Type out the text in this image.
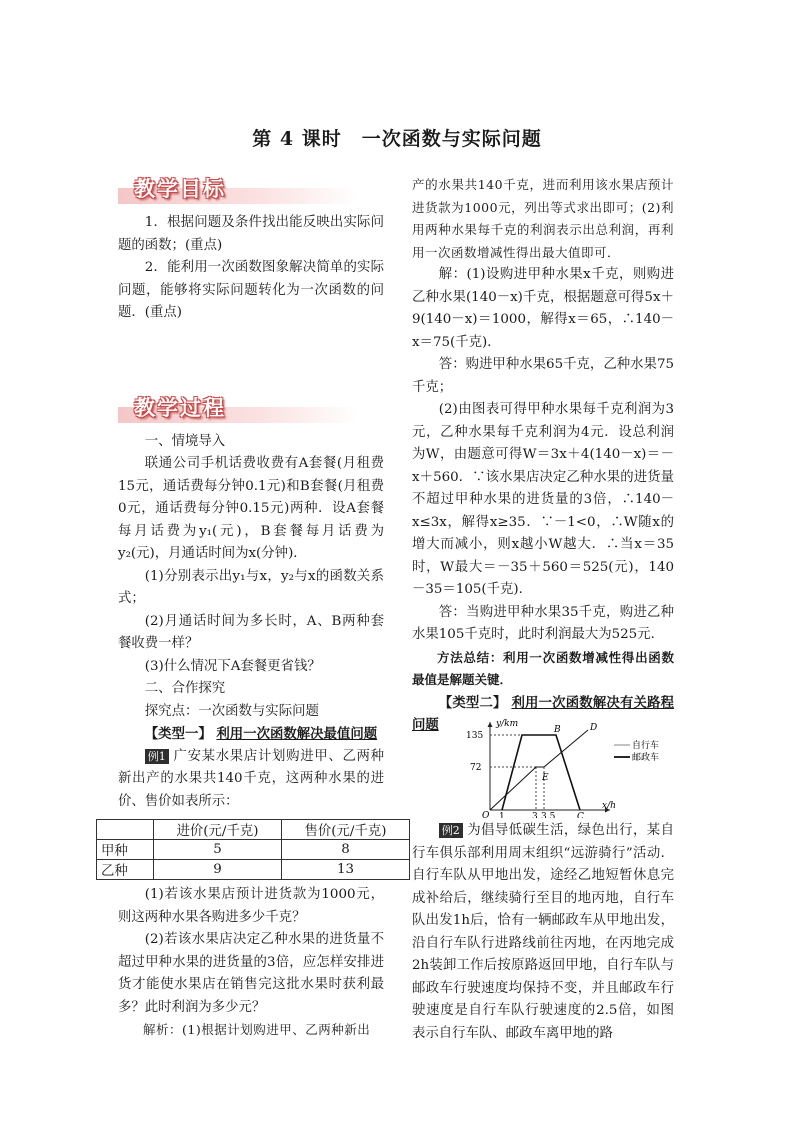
第 4 课时　一次函数与实际问题
教学目标

1．根据问题及条件找出能反映出实际问题的函数；(重点)

2．能利用一次函数图象解决简单的实际问题，能够将实际问题转化为一次函数的问题．(重点)

教学过程

一、情境导入

联通公司手机话费收费有A套餐(月租费15元，通话费每分钟0.1元)和B套餐(月租费0元，通话费每分钟0.15元)两种．设A套餐每月话费为y₁(元)，B套餐每月话费为y₂(元)，月通话时间为x(分钟)．

(1)分别表示出y₁与x，y₂与x的函数关系式；

(2)月通话时间为多长时，A、B两种套餐收费一样？

(3)什么情况下A套餐更省钱？

二、合作探究

探究点：一次函数与实际问题

【类型一】 利用一次函数解决最值问题

例1 广安某水果店计划购进甲、乙两种新出产的水果共140千克，这两种水果的进价、售价如表所示：

	进价(元/千克)	售价(元/千克)
甲种	5	8
乙种	9	13

(1)若该水果店预计进货款为1000元，则这两种水果各购进多少千克？

(2)若该水果店决定乙种水果的进货量不超过甲种水果的进货量的3倍，应怎样安排进货才能使水果店在销售完这批水果时获利最多？此时利润为多少元？

解析：(1)根据计划购进甲、乙两种新出

产的水果共140千克，进而利用该水果店预计进货款为1000元，列出等式求出即可；(2)利用两种水果每千克的利润表示出总利润，再利用一次函数增减性得出最大值即可．

解：(1)设购进甲种水果x千克，则购进乙种水果(140－x)千克，根据题意可得5x＋9(140－x)＝1000，解得x＝65，∴140－x＝75(千克)．

答：购进甲种水果65千克，乙种水果75千克；

(2)由图表可得甲种水果每千克利润为3元，乙种水果每千克利润为4元．设总利润为W，由题意可得W＝3x＋4(140－x)＝－x＋560．∵该水果店决定乙种水果的进货量不超过甲种水果的进货量的3倍，∴140－x≤3x，解得x≥35．∵－1<0，∴W随x的增大而减小，则x越小W越大．∴当x＝35时，W最大＝－35＋560＝525(元)，140－35＝105(千克)．

答：当购进甲种水果35千克，购进乙种水果105千克时，此时利润最大为525元．

方法总结：利用一次函数增减性得出函数最值是解题关键．

【类型二】 利用一次函数解决有关路程问题	y/km
x/h
O
135
72
B	D
E
1	3 3.5 C
自行车
邮政车

例2 为倡导低碳生活，绿色出行，某自行车俱乐部利用周末组织“远游骑行”活动．自行车队从甲地出发，途经乙地短暂休息完成补给后，继续骑行至目的地丙地，自行车队出发1h后，恰有一辆邮政车从甲地出发，沿自行车队行进路线前往丙地，在丙地完成2h装卸工作后按原路返回甲地，自行车队与邮政车行驶速度均保持不变，并且邮政车行驶速度是自行车队行驶速度的2.5倍，如图表示自行车队、邮政车离甲地的路
